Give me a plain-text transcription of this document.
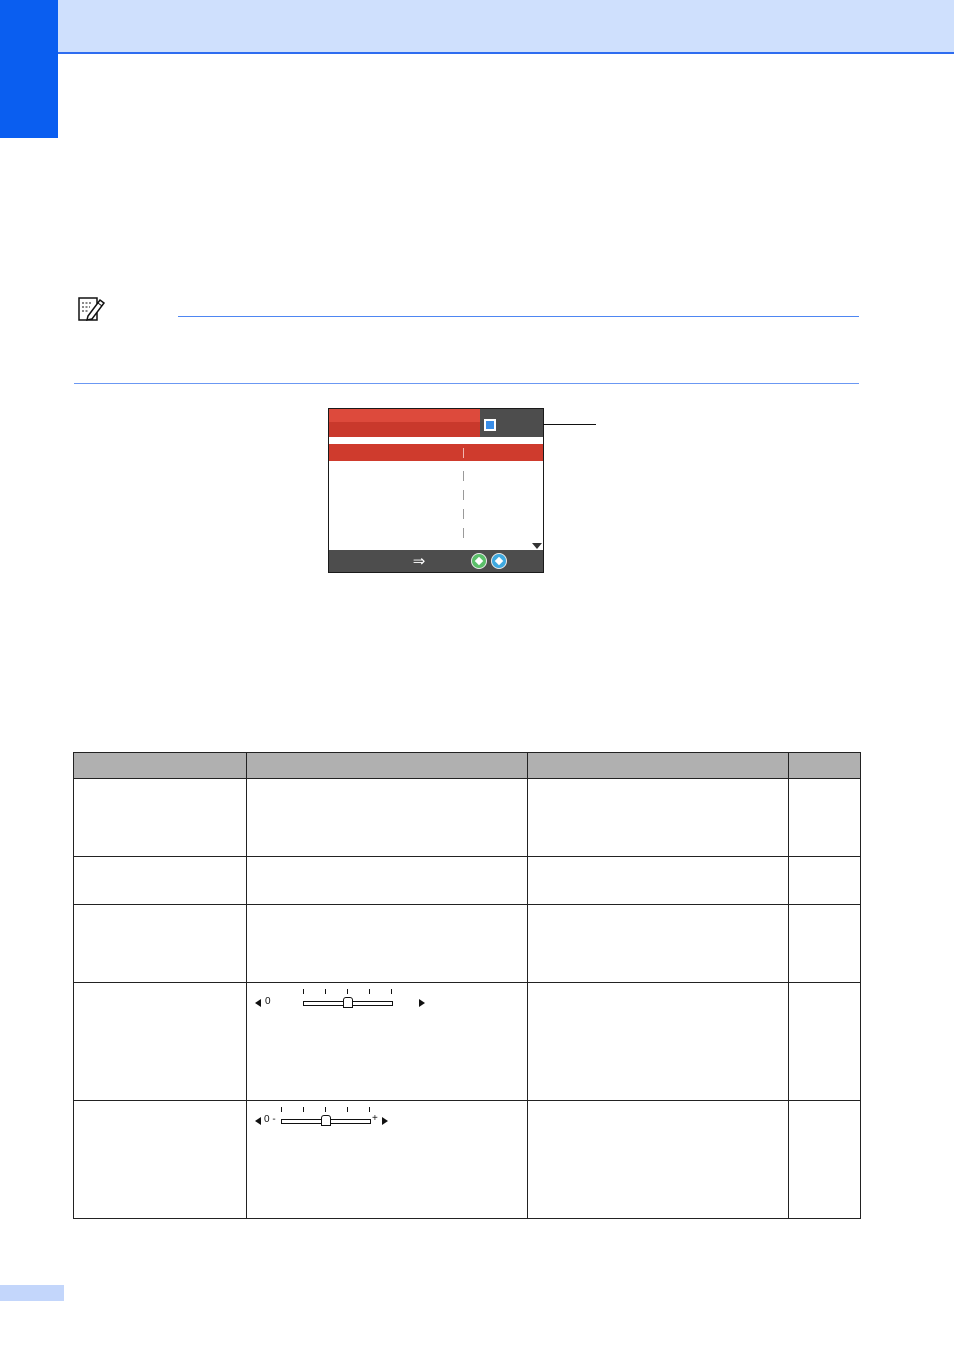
⇒

	0		

	0 - +		
